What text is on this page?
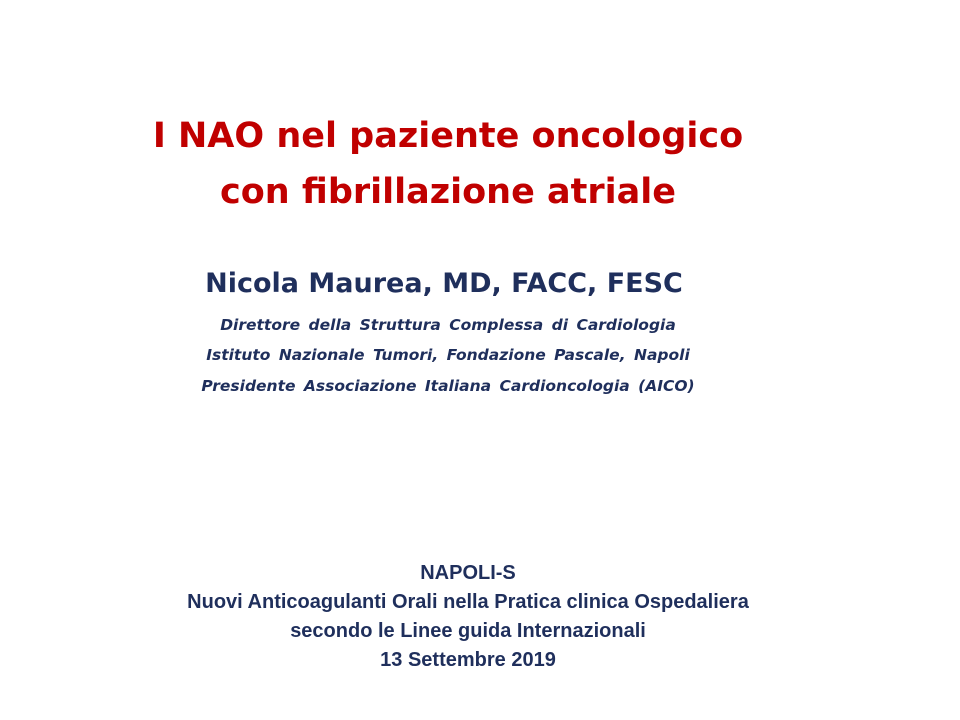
I NAO nel paziente oncologico
con fibrillazione atriale

Nicola Maurea, MD, FACC, FESC

Direttore della Struttura Complessa di Cardiologia

Istituto Nazionale Tumori, Fondazione Pascale, Napoli

Presidente Associazione Italiana Cardioncologia (AICO)

NAPOLI-S

Nuovi Anticoagulanti Orali nella Pratica clinica Ospedaliera

secondo le Linee guida Internazionali

13 Settembre 2019
